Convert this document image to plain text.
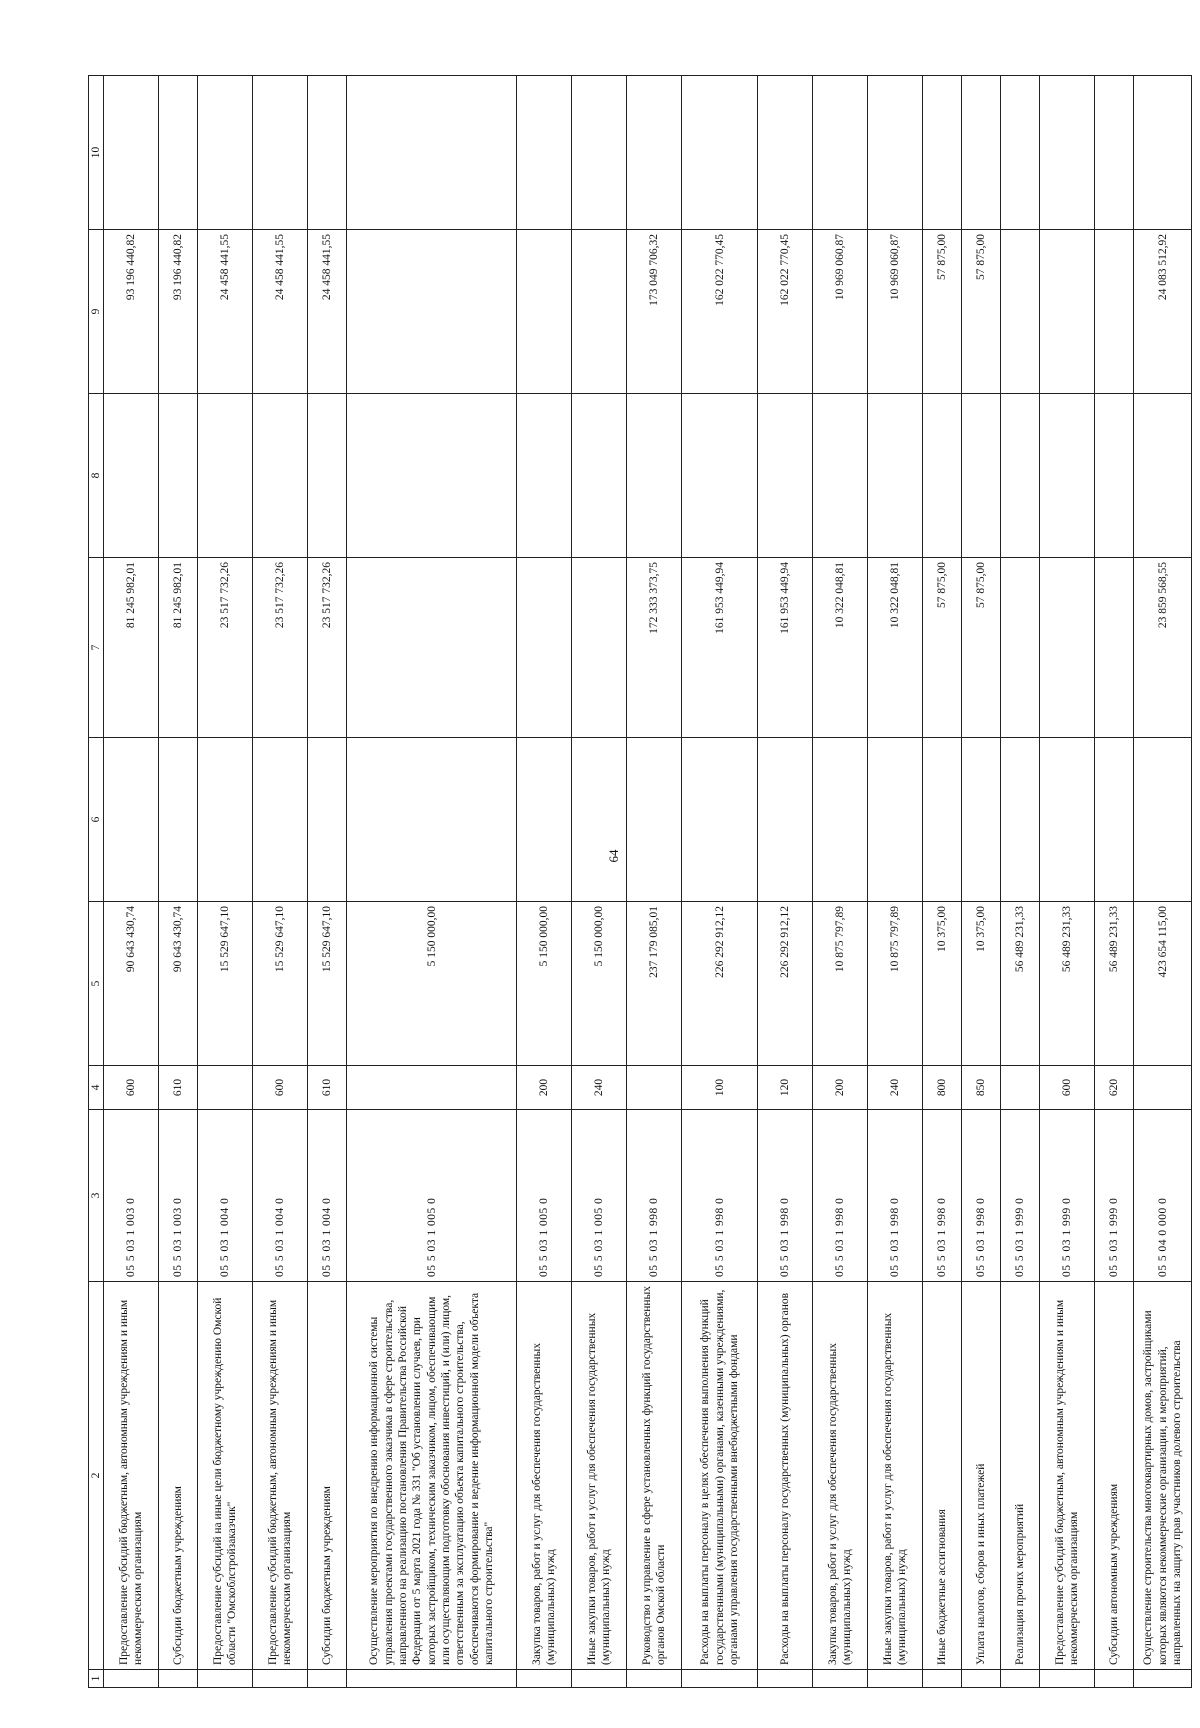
64
1	2	3	4	5	6	7	8	9	10
	Предоставление субсидий бюджетным, автономным учреждениям и иным некоммерческим организациям	05 5 03 1 003 0	600	90 643 430,74		81 245 982,01		93 196 440,82	
	Субсидии бюджетным учреждениям	05 5 03 1 003 0	610	90 643 430,74		81 245 982,01		93 196 440,82	
	Предоставление субсидий на иные цели бюджетному учреждению Омской области "Омскоблстройзаказчик"	05 5 03 1 004 0		15 529 647,10		23 517 732,26		24 458 441,55	
	Предоставление субсидий бюджетным, автономным учреждениям и иным некоммерческим организациям	05 5 03 1 004 0	600	15 529 647,10		23 517 732,26		24 458 441,55	
	Субсидии бюджетным учреждениям	05 5 03 1 004 0	610	15 529 647,10		23 517 732,26		24 458 441,55	
	Осуществление мероприятия по внедрению информационной системы управления проектами государственного заказчика в сфере строительства, направленного на реализацию постановления Правительства Российской Федерации от 5 марта 2021 года № 331 "Об установлении случаев, при которых застройщиком, техническим заказчиком, лицом, обеспечивающим или осуществляющим подготовку обоснования инвестиций, и (или) лицом, ответственным за эксплуатацию объекта капитального строительства, обеспечиваются формирование и ведение информационной модели объекта капитального строительства"	05 5 03 1 005 0		5 150 000,00					
	Закупка товаров, работ и услуг для обеспечения государственных (муниципальных) нужд	05 5 03 1 005 0	200	5 150 000,00					
	Иные закупки товаров, работ и услуг для обеспечения государственных (муниципальных) нужд	05 5 03 1 005 0	240	5 150 000,00					
	Руководство и управление в сфере установленных функций государственных органов Омской области	05 5 03 1 998 0		237 179 085,01		172 333 373,75		173 049 706,32	
	Расходы на выплаты персоналу в целях обеспечения выполнения функций государственными (муниципальными) органами, казенными учреждениями, органами управления государственными внебюджетными фондами	05 5 03 1 998 0	100	226 292 912,12		161 953 449,94		162 022 770,45	
	Расходы на выплаты персоналу государственных (муниципальных) органов	05 5 03 1 998 0	120	226 292 912,12		161 953 449,94		162 022 770,45	
	Закупка товаров, работ и услуг для обеспечения государственных (муниципальных) нужд	05 5 03 1 998 0	200	10 875 797,89		10 322 048,81		10 969 060,87	
	Иные закупки товаров, работ и услуг для обеспечения государственных (муниципальных) нужд	05 5 03 1 998 0	240	10 875 797,89		10 322 048,81		10 969 060,87	
	Иные бюджетные ассигнования	05 5 03 1 998 0	800	10 375,00		57 875,00		57 875,00	
	Уплата налогов, сборов и иных платежей	05 5 03 1 998 0	850	10 375,00		57 875,00		57 875,00	
	Реализация прочих мероприятий	05 5 03 1 999 0		56 489 231,33					
	Предоставление субсидий бюджетным, автономным учреждениям и иным некоммерческим организациям	05 5 03 1 999 0	600	56 489 231,33					
	Субсидии автономным учреждениям	05 5 03 1 999 0	620	56 489 231,33					
	Осуществление строительства многоквартирных домов, застройщиками которых являются некоммерческие организации, и мероприятий, направленных на защиту прав участников долевого строительства	05 5 04 0 000 0		423 654 115,00		23 859 568,55		24 083 512,92	
